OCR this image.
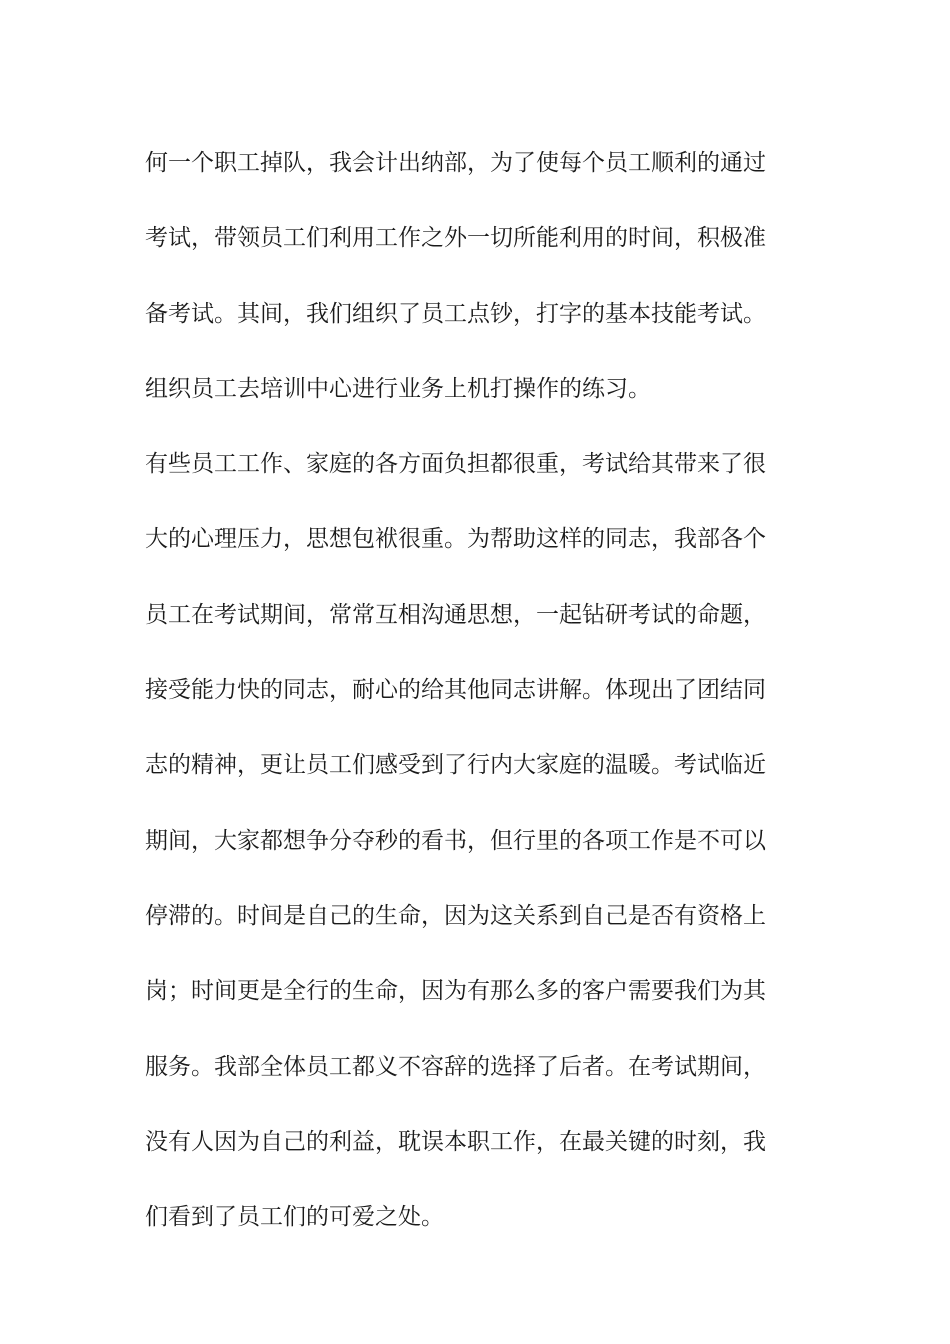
何一个职工掉队，我会计出纳部，为了使每个员工顺利的通过
考试，带领员工们利用工作之外一切所能利用的时间，积极准
备考试。其间，我们组织了员工点钞，打字的基本技能考试。
组织员工去培训中心进行业务上机打操作的练习。
有些员工工作、家庭的各方面负担都很重，考试给其带来了很
大的心理压力，思想包袱很重。为帮助这样的同志，我部各个
员工在考试期间，常常互相沟通思想，一起钻研考试的命题，
接受能力快的同志，耐心的给其他同志讲解。体现出了团结同
志的精神，更让员工们感受到了行内大家庭的温暖。考试临近
期间，大家都想争分夺秒的看书，但行里的各项工作是不可以
停滞的。时间是自己的生命，因为这关系到自己是否有资格上
岗；时间更是全行的生命，因为有那么多的客户需要我们为其
服务。我部全体员工都义不容辞的选择了后者。在考试期间，
没有人因为自己的利益，耽误本职工作，在最关键的时刻，我
们看到了员工们的可爱之处。
